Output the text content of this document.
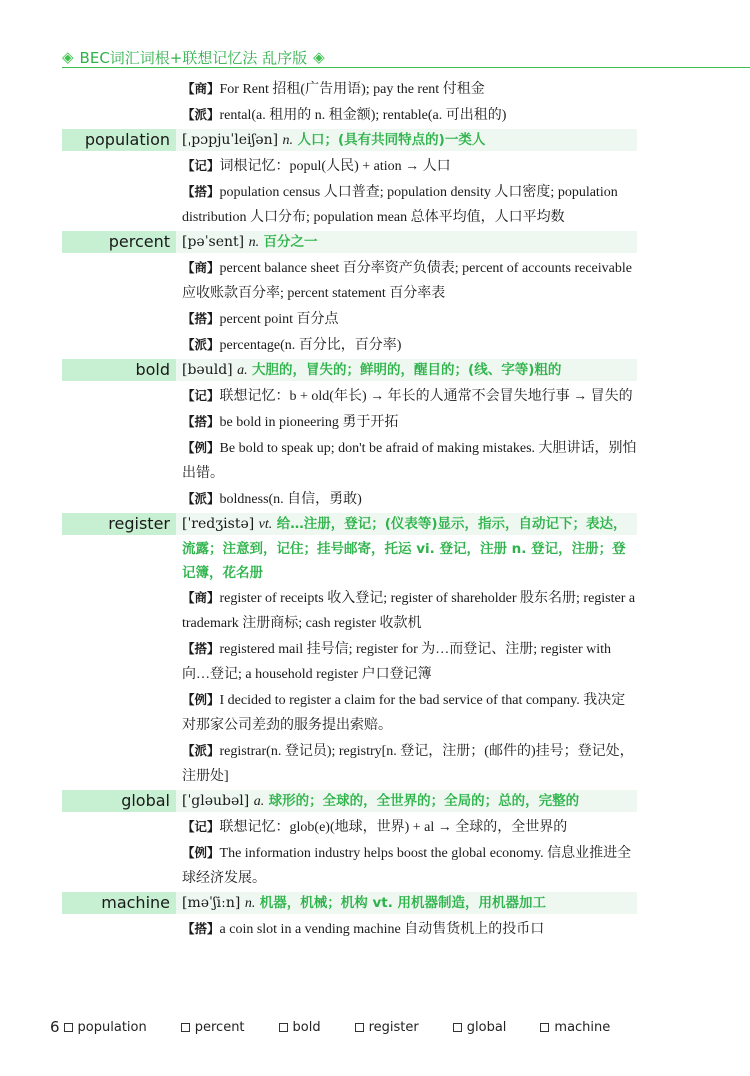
◈ BEC词汇词根+联想记忆法 乱序版 ◈
【商】For Rent 招租(广告用语); pay the rent 付租金
【派】rental(a. 租用的 n. 租金额); rentable(a. 可出租的)
population [ˌpɔpjuˈleiʃən] n. 人口；(具有共同特点的)一类人
【记】词根记忆：popul(人民) + ation → 人口
【搭】population census 人口普查; population density 人口密度; population distribution 人口分布; population mean 总体平均值，人口平均数
percent [pəˈsent] n. 百分之一
【商】percent balance sheet 百分率资产负债表; percent of accounts receivable 应收账款百分率; percent statement 百分率表
【搭】percent point 百分点
【派】percentage(n. 百分比，百分率)
bold [bəuld] a. 大胆的，冒失的；鲜明的，醒目的；(线、字等)粗的
【记】联想记忆：b + old(年长) → 年长的人通常不会冒失地行事 → 冒失的
【搭】be bold in pioneering 勇于开拓
【例】Be bold to speak up; don't be afraid of making mistakes. 大胆讲话，别怕出错。
【派】boldness(n. 自信，勇敢)
register [ˈredʒistə] vt. 给…注册，登记；(仪表等)显示，指示，自动记下；表达，流露；注意到，记住；挂号邮寄，托运 vi. 登记，注册 n. 登记，注册；登记簿，花名册
【商】register of receipts 收入登记; register of shareholder 股东名册; register a trademark 注册商标; cash register 收款机
【搭】registered mail 挂号信; register for 为…而登记、注册; register with 向…登记; a household register 户口登记簿
【例】I decided to register a claim for the bad service of that company. 我决定对那家公司差劲的服务提出索赔。
【派】registrar(n. 登记员); registry[n. 登记，注册；(邮件的)挂号；登记处，注册处]
global [ˈgləubəl] a. 球形的；全球的，全世界的；全局的；总的，完整的
【记】联想记忆：glob(e)(地球，世界) + al → 全球的，全世界的
【例】The information industry helps boost the global economy. 信息业推进全球经济发展。
machine [məˈʃiːn] n. 机器，机械；机构 vt. 用机器制造，用机器加工
【搭】a coin slot in a vending machine 自动售货机上的投币口
6 population	percent	bold	register	global	machine
